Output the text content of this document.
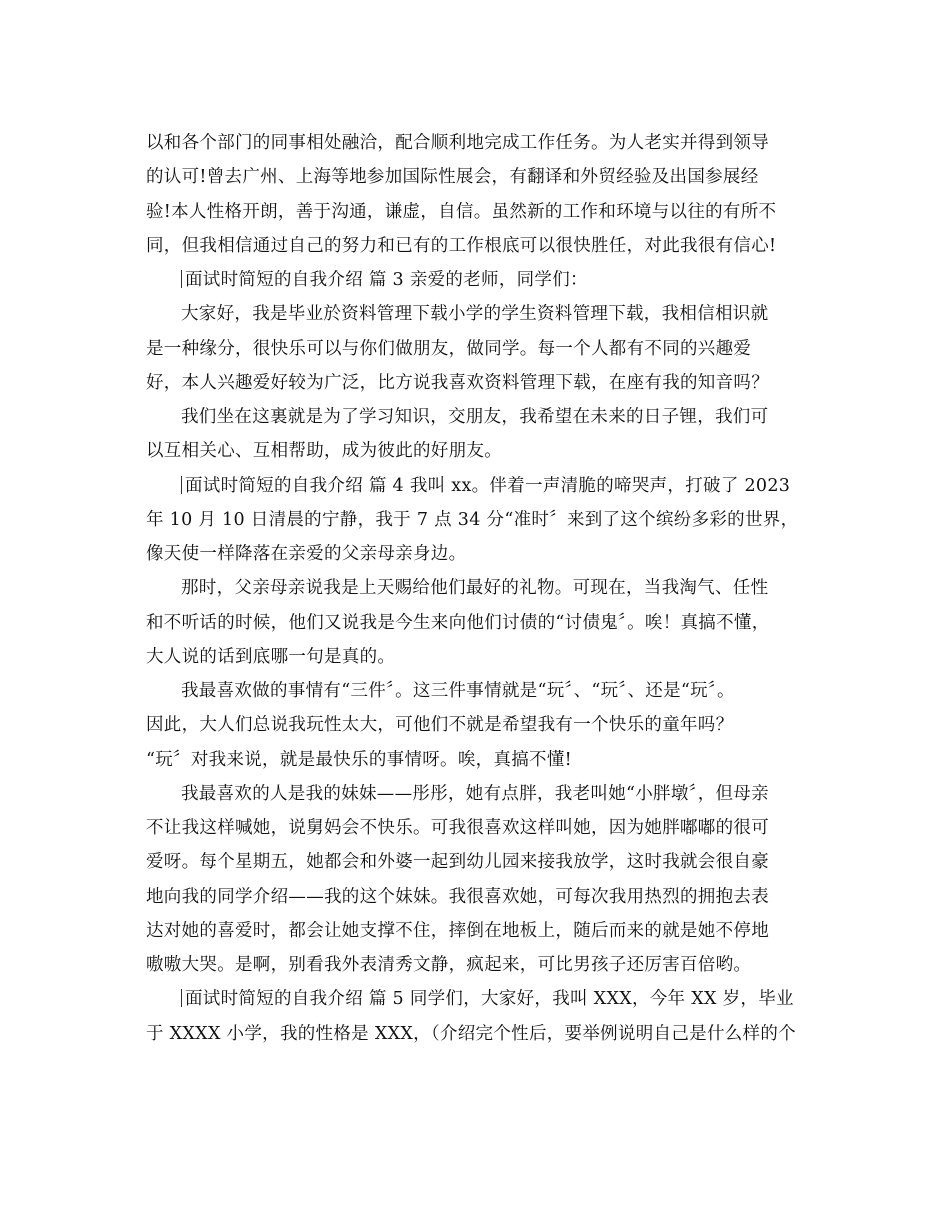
以和各个部门的同事相处融洽，配合顺利地完成工作任务。为人老实并得到领导
的认可!曾去广州、上海等地参加国际性展会，有翻译和外贸经验及出国参展经
验!本人性格开朗，善于沟通，谦虚，自信。虽然新的工作和环境与以往的有所不
同，但我相信通过自己的努力和已有的工作根底可以很快胜任，对此我很有信心!
面试时简短的自我介绍 篇 3 亲爱的老师，同学们：
大家好，我是毕业於资料管理下载小学的学生资料管理下载，我相信相识就
是一种缘分，很快乐可以与你们做朋友，做同学。每一个人都有不同的兴趣爱
好，本人兴趣爱好较为广泛，比方说我喜欢资料管理下载，在座有我的知音吗？
我们坐在这裏就是为了学习知识，交朋友，我希望在未来的日子锂，我们可
以互相关心、互相帮助，成为彼此的好朋友。
面试时简短的自我介绍 篇 4 我叫 xx。伴着一声清脆的啼哭声，打破了 2023
年 10 月 10 日清晨的宁静，我于 7 点 34 分“准时〞来到了这个缤纷多彩的世界，
像天使一样降落在亲爱的父亲母亲身边。
那时，父亲母亲说我是上天赐给他们最好的礼物。可现在，当我淘气、任性
和不听话的时候，他们又说我是今生来向他们讨债的“讨债鬼〞。唉！真搞不懂，
大人说的话到底哪一句是真的。
我最喜欢做的事情有“三件〞。这三件事情就是“玩〞、“玩〞、还是“玩〞。
因此，大人们总说我玩性太大，可他们不就是希望我有一个快乐的童年吗？
“玩〞对我来说，就是最快乐的事情呀。唉，真搞不懂!
我最喜欢的人是我的妹妹——彤彤，她有点胖，我老叫她“小胖墩〞，但母亲
不让我这样喊她，说舅妈会不快乐。可我很喜欢这样叫她，因为她胖嘟嘟的很可
爱呀。每个星期五，她都会和外婆一起到幼儿园来接我放学，这时我就会很自豪
地向我的同学介绍——我的这个妹妹。我很喜欢她，可每次我用热烈的拥抱去表
达对她的喜爱时，都会让她支撑不住，摔倒在地板上，随后而来的就是她不停地
嗷嗷大哭。是啊，别看我外表清秀文静，疯起来，可比男孩子还厉害百倍哟。
面试时简短的自我介绍 篇 5 同学们，大家好，我叫 XXX，今年 XX 岁，毕业
于 XXXX 小学，我的性格是 XXX，（介绍完个性后，要举例说明自己是什么样的个
